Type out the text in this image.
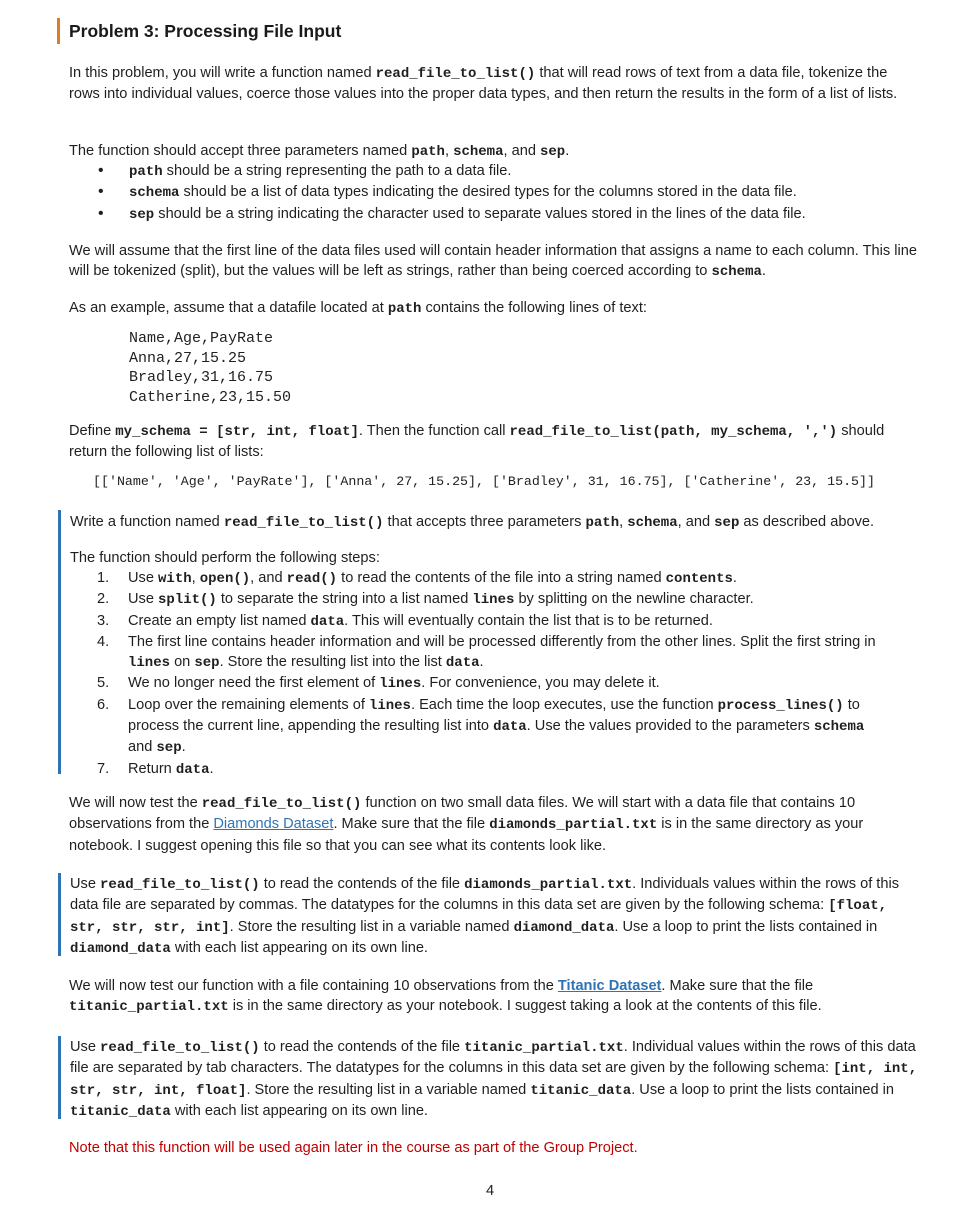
Problem 3: Processing File Input

In this problem, you will write a function named read_file_to_list() that will read rows of text from a data file, tokenize the rows into individual values, coerce those values into the proper data types, and then return the results in the form of a list of lists.

The function should accept three parameters named path, schema, and sep.

• path should be a string representing the path to a data file.
• schema should be a list of data types indicating the desired types for the columns stored in the data file.
• sep should be a string indicating the character used to separate values stored in the lines of the data file.

We will assume that the first line of the data files used will contain header information that assigns a name to each column. This line will be tokenized (split), but the values will be left as strings, rather than being coerced according to schema.

As an example, assume that a datafile located at path contains the following lines of text:

Name,Age,PayRate
Anna,27,15.25
Bradley,31,16.75
Catherine,23,15.50

Define my_schema = [str, int, float]. Then the function call read_file_to_list(path, my_schema, ',') should return the following list of lists:

[['Name', 'Age', 'PayRate'], ['Anna', 27, 15.25], ['Bradley', 31, 16.75], ['Catherine', 23, 15.5]]

Write a function named read_file_to_list() that accepts three parameters path, schema, and sep as described above.

The function should perform the following steps:

1. Use with, open(), and read() to read the contents of the file into a string named contents.
2. Use split() to separate the string into a list named lines by splitting on the newline character.
3. Create an empty list named data. This will eventually contain the list that is to be returned.
4. The first line contains header information and will be processed differently from the other lines. Split the first string in lines on sep. Store the resulting list into the list data.
5. We no longer need the first element of lines. For convenience, you may delete it.
6. Loop over the remaining elements of lines. Each time the loop executes, use the function process_lines() to process the current line, appending the resulting list into data. Use the values provided to the parameters schema and sep.
7. Return data.

We will now test the read_file_to_list() function on two small data files. We will start with a data file that contains 10 observations from the Diamonds Dataset. Make sure that the file diamonds_partial.txt is in the same directory as your notebook. I suggest opening this file so that you can see what its contents look like.

Use read_file_to_list() to read the contends of the file diamonds_partial.txt. Individuals values within the rows of this data file are separated by commas. The datatypes for the columns in this data set are given by the following schema: [float, str, str, str, int]. Store the resulting list in a variable named diamond_data. Use a loop to print the lists contained in diamond_data with each list appearing on its own line.

We will now test our function with a file containing 10 observations from the Titanic Dataset. Make sure that the file titanic_partial.txt is in the same directory as your notebook. I suggest taking a look at the contents of this file.

Use read_file_to_list() to read the contends of the file titanic_partial.txt. Individual values within the rows of this data file are separated by tab characters. The datatypes for the columns in this data set are given by the following schema: [int, int, str, str, int, float]. Store the resulting list in a variable named titanic_data. Use a loop to print the lists contained in titanic_data with each list appearing on its own line.

Note that this function will be used again later in the course as part of the Group Project.

4
